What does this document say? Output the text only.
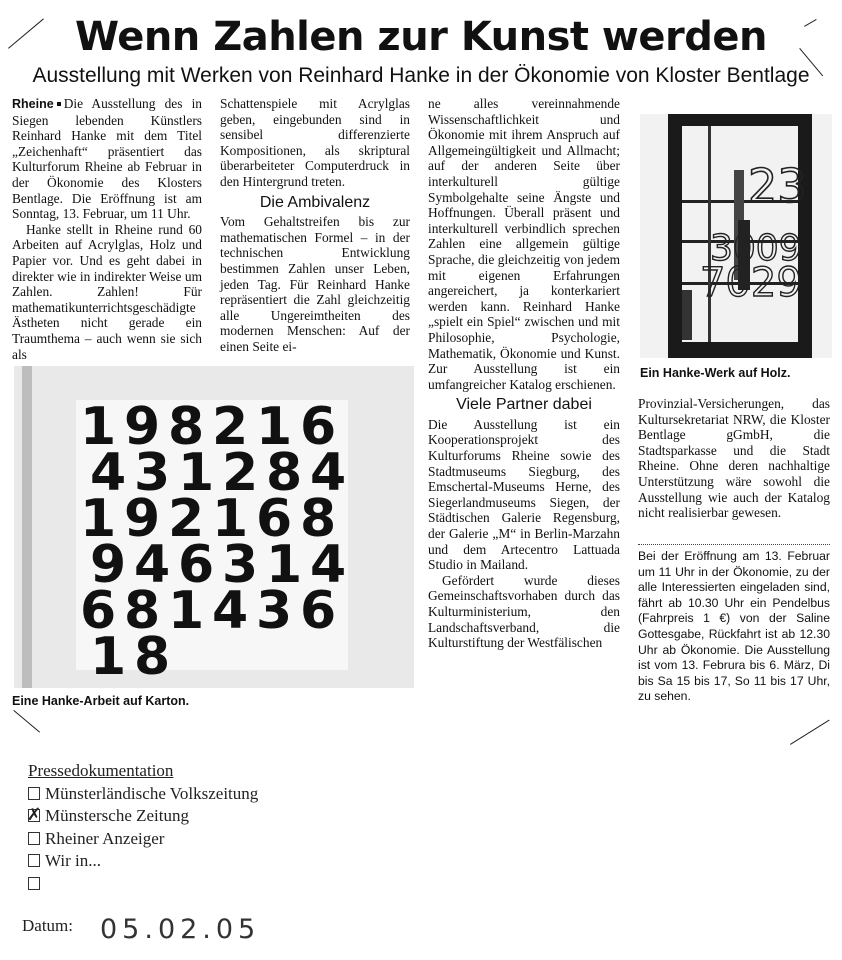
Wenn Zahlen zur Kunst werden
Ausstellung mit Werken von Reinhard Hanke in der Ökonomie von Kloster Bentlage

Rheine Die Ausstellung des in Siegen lebenden Künstlers Reinhard Hanke mit dem Titel „Zeichenhaft“ präsentiert das Kulturforum Rheine ab Februar in der Ökonomie des Klosters Bentlage. Die Eröffnung ist am Sonntag, 13. Februar, um 11 Uhr.

Hanke stellt in Rheine rund 60 Arbeiten auf Acrylglas, Holz und Papier vor. Und es geht dabei in direkter wie in indirekter Weise um Zahlen. Zahlen! Für mathematikunterrichtsgeschädigte Ästheten nicht gerade ein Traumthema – auch wenn sie sich als

Schattenspiele mit Acrylglas geben, eingebunden sind in sensibel differenzierte Kompositionen, als skriptural überarbeiteter Computerdruck in den Hintergrund treten.

Die Ambivalenz

Vom Gehaltstreifen bis zur mathematischen Formel – in der technischen Entwicklung bestimmen Zahlen unser Leben, jeden Tag. Für Reinhard Hanke repräsentiert die Zahl gleichzeitig alle Ungereimtheiten des modernen Menschen: Auf der einen Seite ei-

ne alles vereinnahmende Wissenschaftlichkeit und Ökonomie mit ihrem Anspruch auf Allgemeingültigkeit und Allmacht; auf der anderen Seite über interkulturell gültige Symbolgehalte seine Ängste und Hoffnungen. Überall präsent und interkulturell verbindlich sprechen Zahlen eine allgemein gültige Sprache, die gleichzeitig von jedem mit eigenen Erfahrungen angereichert, ja konterkariert werden kann. Reinhard Hanke „spielt ein Spiel“ zwischen und mit Philosophie, Psychologie, Mathematik, Ökonomie und Kunst. Zur Ausstellung ist ein umfangreicher Katalog erschienen.

Viele Partner dabei

Die Ausstellung ist ein Kooperationsprojekt des Kulturforums Rheine sowie des Stadtmuseums Siegburg, des Emschertal-Museums Herne, des Siegerlandmuseums Siegen, der Städtischen Galerie Regensburg, der Galerie „M“ in Berlin-Marzahn und dem Artecentro Lattuada Studio in Mailand.

Gefördert wurde dieses Gemeinschaftsvorhaben durch das Kulturministerium, den Landschaftsverband, die Kulturstiftung der Westfälischen

23
3009
7029
Ein Hanke-Werk auf Holz.

Provinzial-Versicherungen, das Kultursekretariat NRW, die Kloster Bentlage gGmbH, die Stadtsparkasse und die Stadt Rheine. Ohne deren nachhaltige Unterstützung wäre sowohl die Ausstellung wie auch der Katalog nicht realisierbar gewesen.

Bei der Eröffnung am 13. Februar um 11 Uhr in der Ökonomie, zu der alle Interessierten eingeladen sind, fährt ab 10.30 Uhr ein Pendelbus (Fahrpreis 1 €) von der Saline Gottesgabe, Rückfahrt ist ab 12.30 Uhr ab Ökonomie. Die Ausstellung ist vom 13. Februra bis 6. März, Di bis Sa 15 bis 17, So 11 bis 17 Uhr, zu sehen.
1 9 8 2 1 6
4 3 1 2 8 4
1 9 2 1 6 8
9 4 6 3 1 4
6 8 1 4 3 6
1 8
Eine Hanke-Arbeit auf Karton.
Pressedokumentation
Münsterländische Volkszeitung
✗Münstersche Zeitung
Rheiner Anzeiger
Wir in...
Datum: 05.02.05
